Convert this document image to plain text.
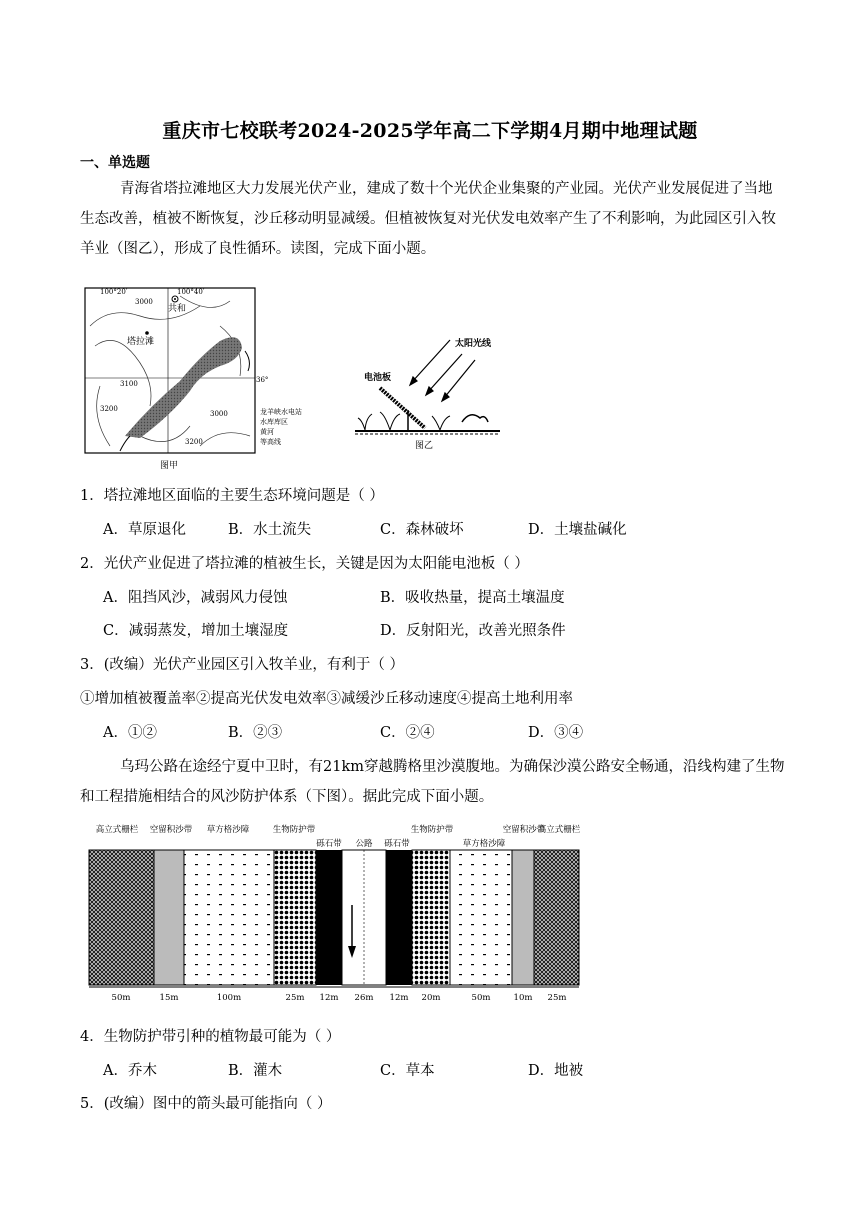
重庆市七校联考2024-2025学年高二下学期4月期中地理试题
一、单选题
青海省塔拉滩地区大力发展光伏产业，建成了数十个光伏企业集聚的产业园。光伏产业发展促进了当地生态改善，植被不断恢复，沙丘移动明显减缓。但植被恢复对光伏发电效率产生了不利影响，为此园区引入牧羊业（图乙），形成了良性循环。读图，完成下面小题。
100°20′	100°40′
36°
3000
3000
3200
3200
3100
共和
塔拉滩
龙羊峡水电站
水库库区
黄河
等高线
图甲
太阳光线
电池板
图乙
1．塔拉滩地区面临的主要生态环境问题是（ ）
A．草原退化	B．水土流失	C．森林破坏	D．土壤盐碱化
2．光伏产业促进了塔拉滩的植被生长，关键是因为太阳能电池板（ ）
A．阻挡风沙，减弱风力侵蚀	B．吸收热量，提高土壤温度
C．减弱蒸发，增加土壤湿度	D．反射阳光，改善光照条件
3．(改编）光伏产业园区引入牧羊业，有利于（ ）
①增加植被覆盖率②提高光伏发电效率③减缓沙丘移动速度④提高土地利用率
A．①②	B．②③	C．②④	D．③④
乌玛公路在途经宁夏中卫时，有21km穿越腾格里沙漠腹地。为确保沙漠公路安全畅通，沿线构建了生物和工程措施相结合的风沙防护体系（下图）。据此完成下面小题。
高立式栅栏 空留积沙带 草方格沙障	生物防护带
砾石带 公路 砾石带
生物防护带
草方格沙障
空留积沙带
高立式栅栏
50m	15m	100m	25m 12m 26m 12m 20m	50m	10m 25m
4．生物防护带引种的植物最可能为（ ）
A．乔木	B．灌木	C．草本	D．地被
5．(改编）图中的箭头最可能指向（ ）
